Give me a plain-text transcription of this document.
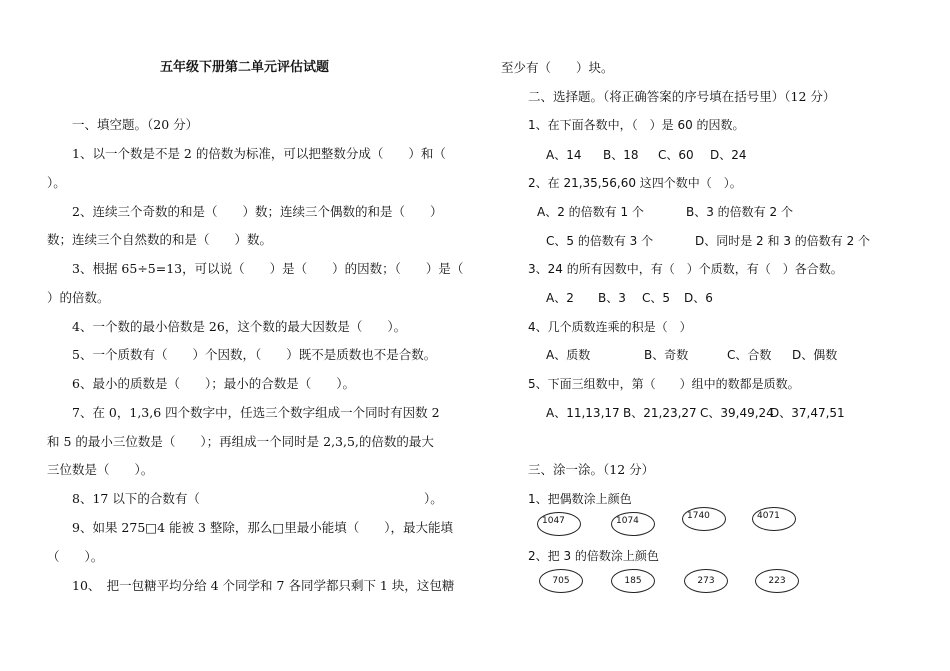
五年级下册第二单元评估试题
一、填空题。（20 分）
1、以一个数是不是 2 的倍数为标准，可以把整数分成（　　）和（
）。
2、连续三个奇数的和是（　　）数；连续三个偶数的和是（　　）
数；连续三个自然数的和是（　　）数。
3、根据 65÷5=13，可以说（　　）是（　　）的因数；（　　）是（
）的倍数。
4、一个数的最小倍数是 26，这个数的最大因数是（　　）。
5、一个质数有（　　）个因数，（　　）既不是质数也不是合数。
6、最小的质数是（　　）；最小的合数是（　　）。
7、在 0，1,3,6 四个数字中，任选三个数字组成一个同时有因数 2
和 5 的最小三位数是（　　）；再组成一个同时是 2,3,5,的倍数的最大
三位数是（　　）。
8、17 以下的合数有（	）。
9、如果 275□4 能被 3 整除，那么□里最小能填（　　），最大能填
（　　）。
10、　把一包糖平均分给 4 个同学和 7 各同学都只剩下 1 块，这包糖
至少有（　　）块。
二、选择题。（将正确答案的序号填在括号里）（12 分）
1、在下面各数中，（　）是 60 的因数。
A、14 B、18 C、60 D、24
2、在 21,35,56,60 这四个数中（　）。
A、2 的倍数有 1 个	B、3 的倍数有 2 个
C、5 的倍数有 3 个	D、同时是 2 和 3 的倍数有 2 个
3、24 的所有因数中，有（　）个质数，有（　）各合数。
A、2 B、3 C、5 D、6
4、几个质数连乘的积是（　）
A、质数	B、奇数	C、合数 D、偶数
5、下面三组数中，第（　　）组中的数都是质数。
A、11,13,17 B、21,23,27 C、39,49,24
D、37,47,51
三、涂一涂。（12 分）
1、把偶数涂上颜色
1047	1074	1740	4071
2、把 3 的倍数涂上颜色
705	185	273	223
